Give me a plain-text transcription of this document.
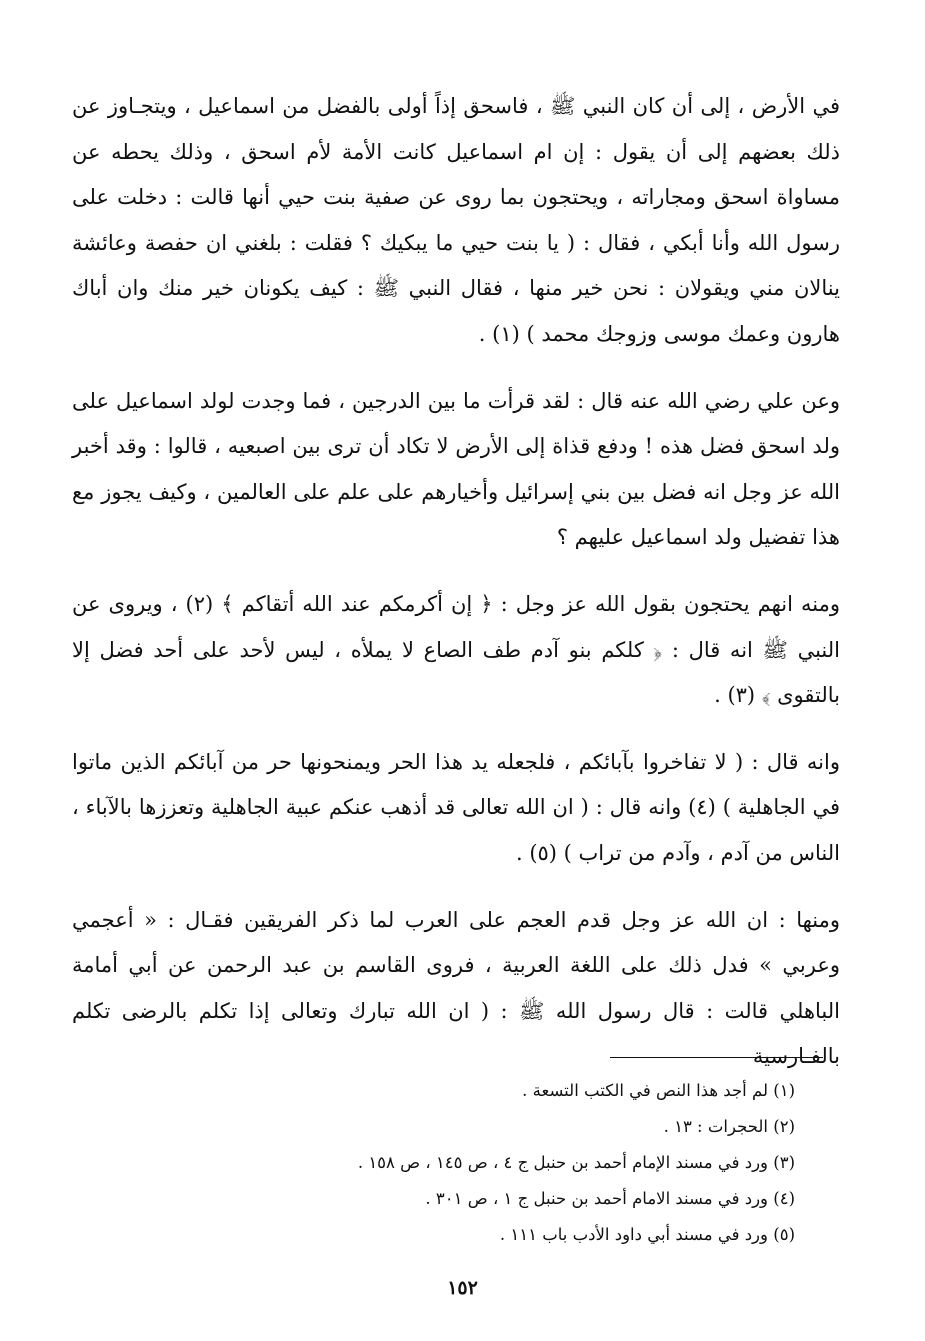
في الأرض ، إلى أن كان النبي ﷺ ، فاسحق إذاً أولى بالفضل من اسماعيل ، ويتجـاوز عن ذلك بعضهم إلى أن يقول : إن ام اسماعيل كانت الأمة لأم اسحق ، وذلك يحطه عن مساواة اسحق ومجاراته ، ويحتجون بما روى عن صفية بنت حيي أنها قالت : دخلت على رسول الله وأنا أبكي ، فقال : ( يا بنت حيي ما يبكيك ؟ فقلت : بلغني ان حفصة وعائشة ينالان مني ويقولان : نحن خير منها ، فقال النبي ﷺ : كيف يكونان خير منك وان أباك هارون وعمك موسى وزوجك محمد ) (١) .

وعن علي رضي الله عنه قال : لقد قرأت ما بين الدرجين ، فما وجدت لولد اسماعيل على ولد اسحق فضل هذه ! ودفع قذاة إلى الأرض لا تكاد أن ترى بين اصبعيه ، قالوا : وقد أخبر الله عز وجل انه فضل بين بني إسرائيل وأخيارهم على علم على العالمين ، وكيف يجوز مع هذا تفضيل ولد اسماعيل عليهم ؟

ومنه انهم يحتجون بقول الله عز وجل : ﴿ إن أكرمكم عند الله أتقاكم ﴾ (٢) ، ويروى عن النبي ﷺ انه قال : ﴿ كلكم بنو آدم طف الصاع لا يملأه ، ليس لأحد على أحد فضل إلا بالتقوى ﴾ (٣) .

وانه قال : ( لا تفاخروا بآبائكم ، فلجعله يد هذا الحر ويمنحونها حر من آبائكم الذين ماتوا في الجاهلية ) (٤) وانه قال : ( ان الله تعالى قد أذهب عنكم عبية الجاهلية وتعززها بالآباء ، الناس من آدم ، وآدم من تراب ) (٥) .

ومنها : ان الله عز وجل قدم العجم على العرب لما ذكر الفريقين فقـال : « أعجمي وعربي » فدل ذلك على اللغة العربية ، فروى القاسم بن عبد الرحمن عن أبي أمامة الباهلي قالت : قال رسول الله ﷺ : ( ان الله تبارك وتعالى إذا تكلم بالرضى تكلم بالفـارسية

(١) لم أجد هذا النص في الكتب التسعة .
(٢) الحجرات : ١٣ .
(٣) ورد في مسند الإمام أحمد بن حنبل ج ٤ ، ص ١٤٥ ، ص ١٥٨ .
(٤) ورد في مسند الامام أحمد بن حنبل ج ١ ، ص ٣٠١ .
(٥) ورد في مسند أبي داود الأدب باب ١١١ .
١٥٢
